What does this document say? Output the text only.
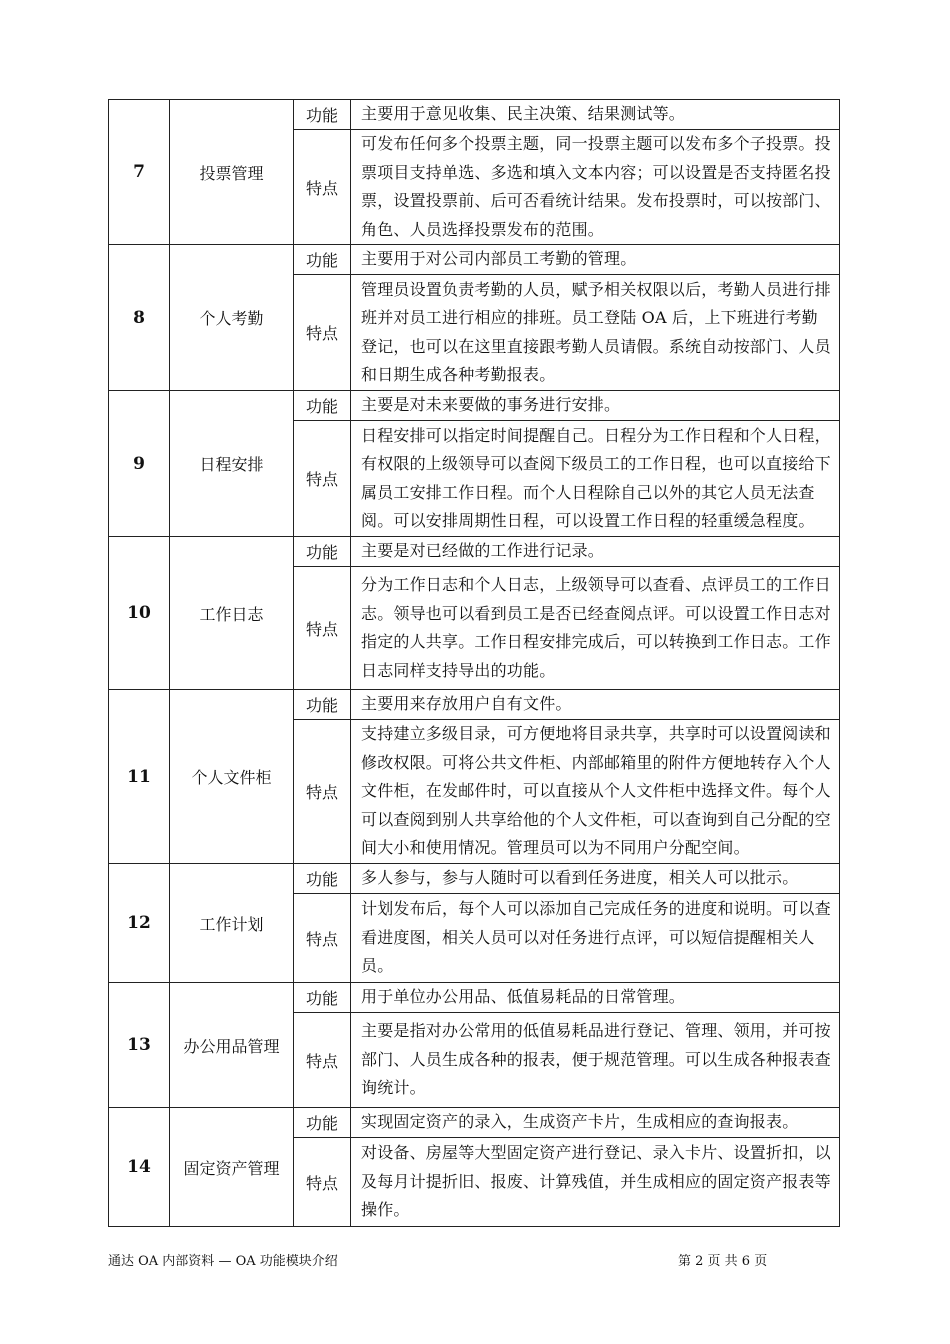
7	投票管理	功能	主要用于意见收集、民主决策、结果测试等。
		特点	可发布任何多个投票主题，同一投票主题可以发布多个子投票。投票项目支持单选、多选和填入文本内容；可以设置是否支持匿名投票，设置投票前、后可否看统计结果。发布投票时，可以按部门、角色、人员选择投票发布的范围。
8	个人考勤	功能	主要用于对公司内部员工考勤的管理。
		特点	管理员设置负责考勤的人员，赋予相关权限以后，考勤人员进行排班并对员工进行相应的排班。员工登陆 OA 后，上下班进行考勤登记，也可以在这里直接跟考勤人员请假。系统自动按部门、人员和日期生成各种考勤报表。
9	日程安排	功能	主要是对未来要做的事务进行安排。
		特点	日程安排可以指定时间提醒自己。日程分为工作日程和个人日程，有权限的上级领导可以查阅下级员工的工作日程，也可以直接给下属员工安排工作日程。而个人日程除自己以外的其它人员无法查阅。可以安排周期性日程，可以设置工作日程的轻重缓急程度。
10	工作日志	功能	主要是对已经做的工作进行记录。
		特点	分为工作日志和个人日志，上级领导可以查看、点评员工的工作日志。领导也可以看到员工是否已经查阅点评。可以设置工作日志对指定的人共享。工作日程安排完成后，可以转换到工作日志。工作日志同样支持导出的功能。
11	个人文件柜	功能	主要用来存放用户自有文件。
		特点	支持建立多级目录，可方便地将目录共享，共享时可以设置阅读和修改权限。可将公共文件柜、内部邮箱里的附件方便地转存入个人文件柜，在发邮件时，可以直接从个人文件柜中选择文件。每个人可以查阅到别人共享给他的个人文件柜，可以查询到自己分配的空间大小和使用情况。管理员可以为不同用户分配空间。
12	工作计划	功能	多人参与，参与人随时可以看到任务进度，相关人可以批示。
		特点	计划发布后，每个人可以添加自己完成任务的进度和说明。可以查看进度图，相关人员可以对任务进行点评，可以短信提醒相关人员。
13	办公用品管理	功能	用于单位办公用品、低值易耗品的日常管理。
		特点	主要是指对办公常用的低值易耗品进行登记、管理、领用，并可按部门、人员生成各种的报表，便于规范管理。可以生成各种报表查询统计。
14	固定资产管理	功能	实现固定资产的录入，生成资产卡片，生成相应的查询报表。
		特点	对设备、房屋等大型固定资产进行登记、录入卡片、设置折扣，以及每月计提折旧、报废、计算残值，并生成相应的固定资产报表等操作。
通达 OA 内部资料 — OA 功能模块介绍	第 2 页 共 6 页
